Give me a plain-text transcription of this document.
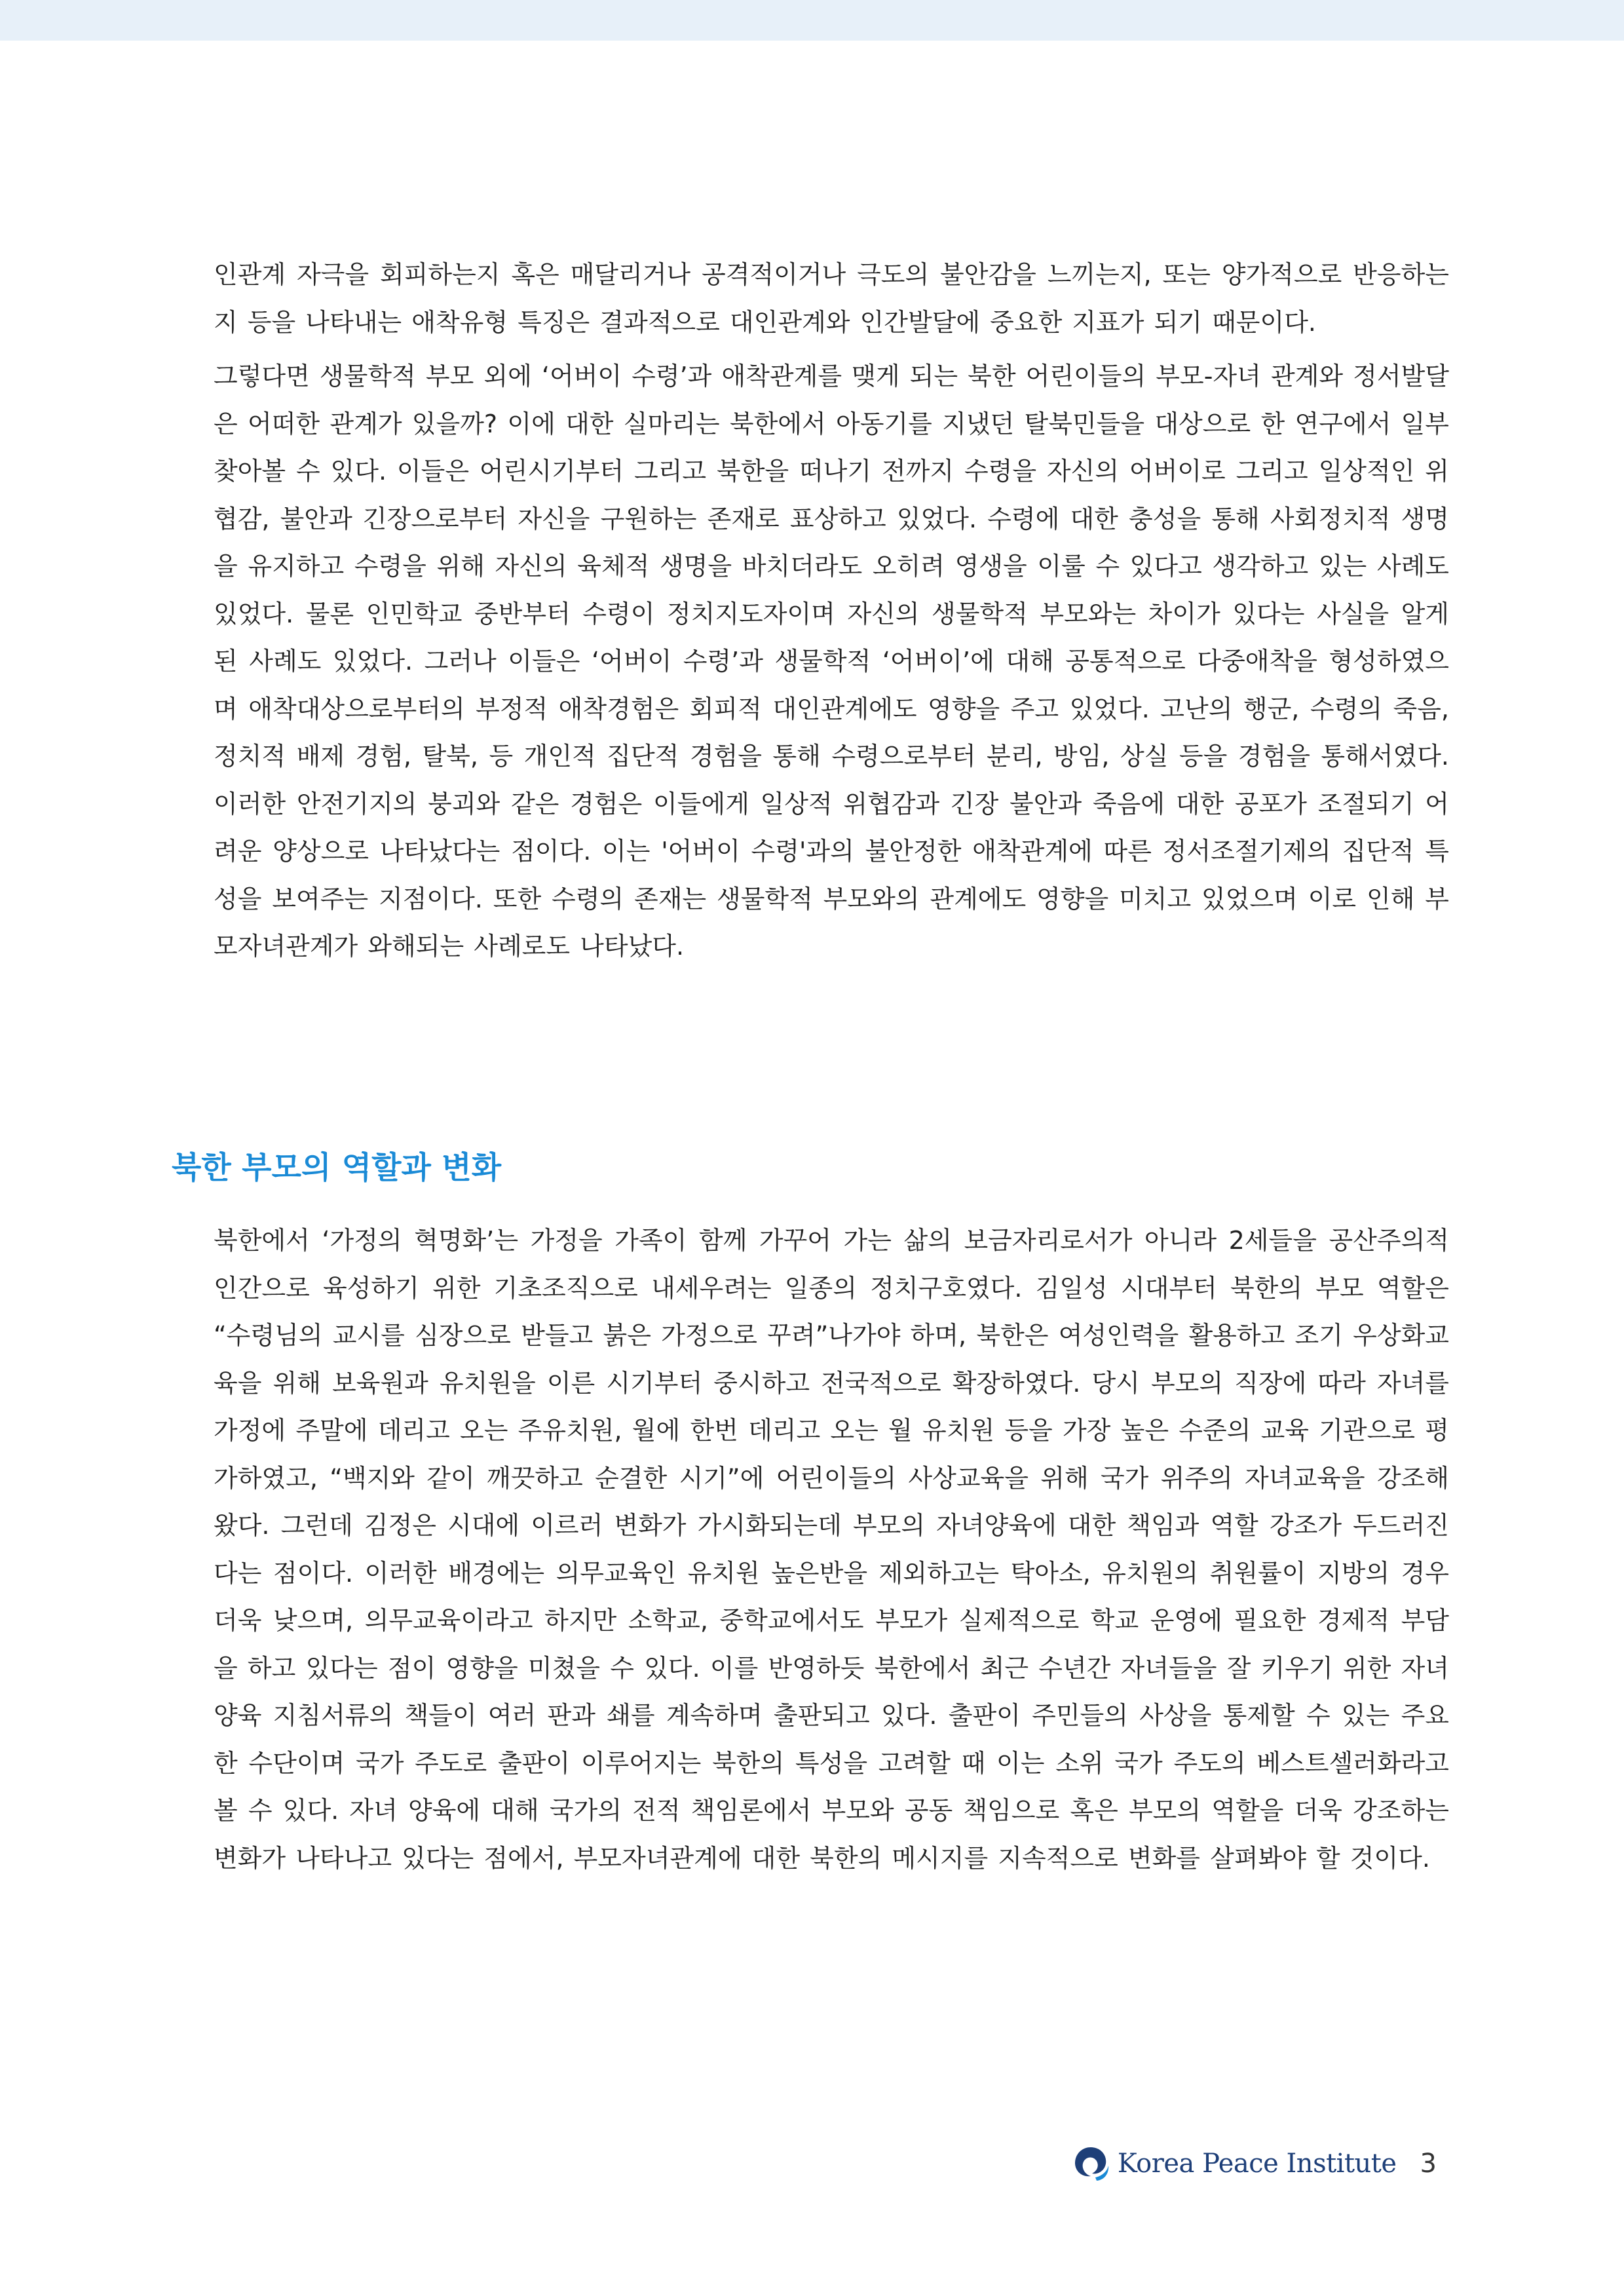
인관계 자극을 회피하는지 혹은 매달리거나 공격적이거나 극도의 불안감을 느끼는지, 또는 양가적으로 반응하는지 등을 나타내는 애착유형 특징은 결과적으로 대인관계와 인간발달에 중요한 지표가 되기 때문이다.

그렇다면 생물학적 부모 외에 ‘어버이 수령’과 애착관계를 맺게 되는 북한 어린이들의 부모-자녀 관계와 정서발달은 어떠한 관계가 있을까? 이에 대한 실마리는 북한에서 아동기를 지냈던 탈북민들을 대상으로 한 연구에서 일부 찾아볼 수 있다. 이들은 어린시기부터 그리고 북한을 떠나기 전까지 수령을 자신의 어버이로 그리고 일상적인 위협감, 불안과 긴장으로부터 자신을 구원하는 존재로 표상하고 있었다. 수령에 대한 충성을 통해 사회정치적 생명을 유지하고 수령을 위해 자신의 육체적 생명을 바치더라도 오히려 영생을 이룰 수 있다고 생각하고 있는 사례도 있었다. 물론 인민학교 중반부터 수령이 정치지도자이며 자신의 생물학적 부모와는 차이가 있다는 사실을 알게 된 사례도 있었다. 그러나 이들은 ‘어버이 수령’과 생물학적 ‘어버이’에 대해 공통적으로 다중애착을 형성하였으며 애착대상으로부터의 부정적 애착경험은 회피적 대인관계에도 영향을 주고 있었다. 고난의 행군, 수령의 죽음, 정치적 배제 경험, 탈북, 등 개인적 집단적 경험을 통해 수령으로부터 분리, 방임, 상실 등을 경험을 통해서였다. 이러한 안전기지의 붕괴와 같은 경험은 이들에게 일상적 위협감과 긴장 불안과 죽음에 대한 공포가 조절되기 어려운 양상으로 나타났다는 점이다. 이는 '어버이 수령'과의 불안정한 애착관계에 따른 정서조절기제의 집단적 특성을 보여주는 지점이다. 또한 수령의 존재는 생물학적 부모와의 관계에도 영향을 미치고 있었으며 이로 인해 부모자녀관계가 와해되는 사례로도 나타났다.

북한 부모의 역할과 변화

북한에서 ‘가정의 혁명화’는 가정을 가족이 함께 가꾸어 가는 삶의 보금자리로서가 아니라 2세들을 공산주의적 인간으로 육성하기 위한 기초조직으로 내세우려는 일종의 정치구호였다. 김일성 시대부터 북한의 부모 역할은 “수령님의 교시를 심장으로 받들고 붉은 가정으로 꾸려”나가야 하며, 북한은 여성인력을 활용하고 조기 우상화교육을 위해 보육원과 유치원을 이른 시기부터 중시하고 전국적으로 확장하였다. 당시 부모의 직장에 따라 자녀를 가정에 주말에 데리고 오는 주유치원, 월에 한번 데리고 오는 월 유치원 등을 가장 높은 수준의 교육 기관으로 평가하였고, “백지와 같이 깨끗하고 순결한 시기”에 어린이들의 사상교육을 위해 국가 위주의 자녀교육을 강조해 왔다. 그런데 김정은 시대에 이르러 변화가 가시화되는데 부모의 자녀양육에 대한 책임과 역할 강조가 두드러진다는 점이다. 이러한 배경에는 의무교육인 유치원 높은반을 제외하고는 탁아소, 유치원의 취원률이 지방의 경우 더욱 낮으며, 의무교육이라고 하지만 소학교, 중학교에서도 부모가 실제적으로 학교 운영에 필요한 경제적 부담을 하고 있다는 점이 영향을 미쳤을 수 있다. 이를 반영하듯 북한에서 최근 수년간 자녀들을 잘 키우기 위한 자녀양육 지침서류의 책들이 여러 판과 쇄를 계속하며 출판되고 있다. 출판이 주민들의 사상을 통제할 수 있는 주요한 수단이며 국가 주도로 출판이 이루어지는 북한의 특성을 고려할 때 이는 소위 국가 주도의 베스트셀러화라고 볼 수 있다. 자녀 양육에 대해 국가의 전적 책임론에서 부모와 공동 책임으로 혹은 부모의 역할을 더욱 강조하는 변화가 나타나고 있다는 점에서, 부모자녀관계에 대한 북한의 메시지를 지속적으로 변화를 살펴봐야 할 것이다.

Korea Peace Institute 3
